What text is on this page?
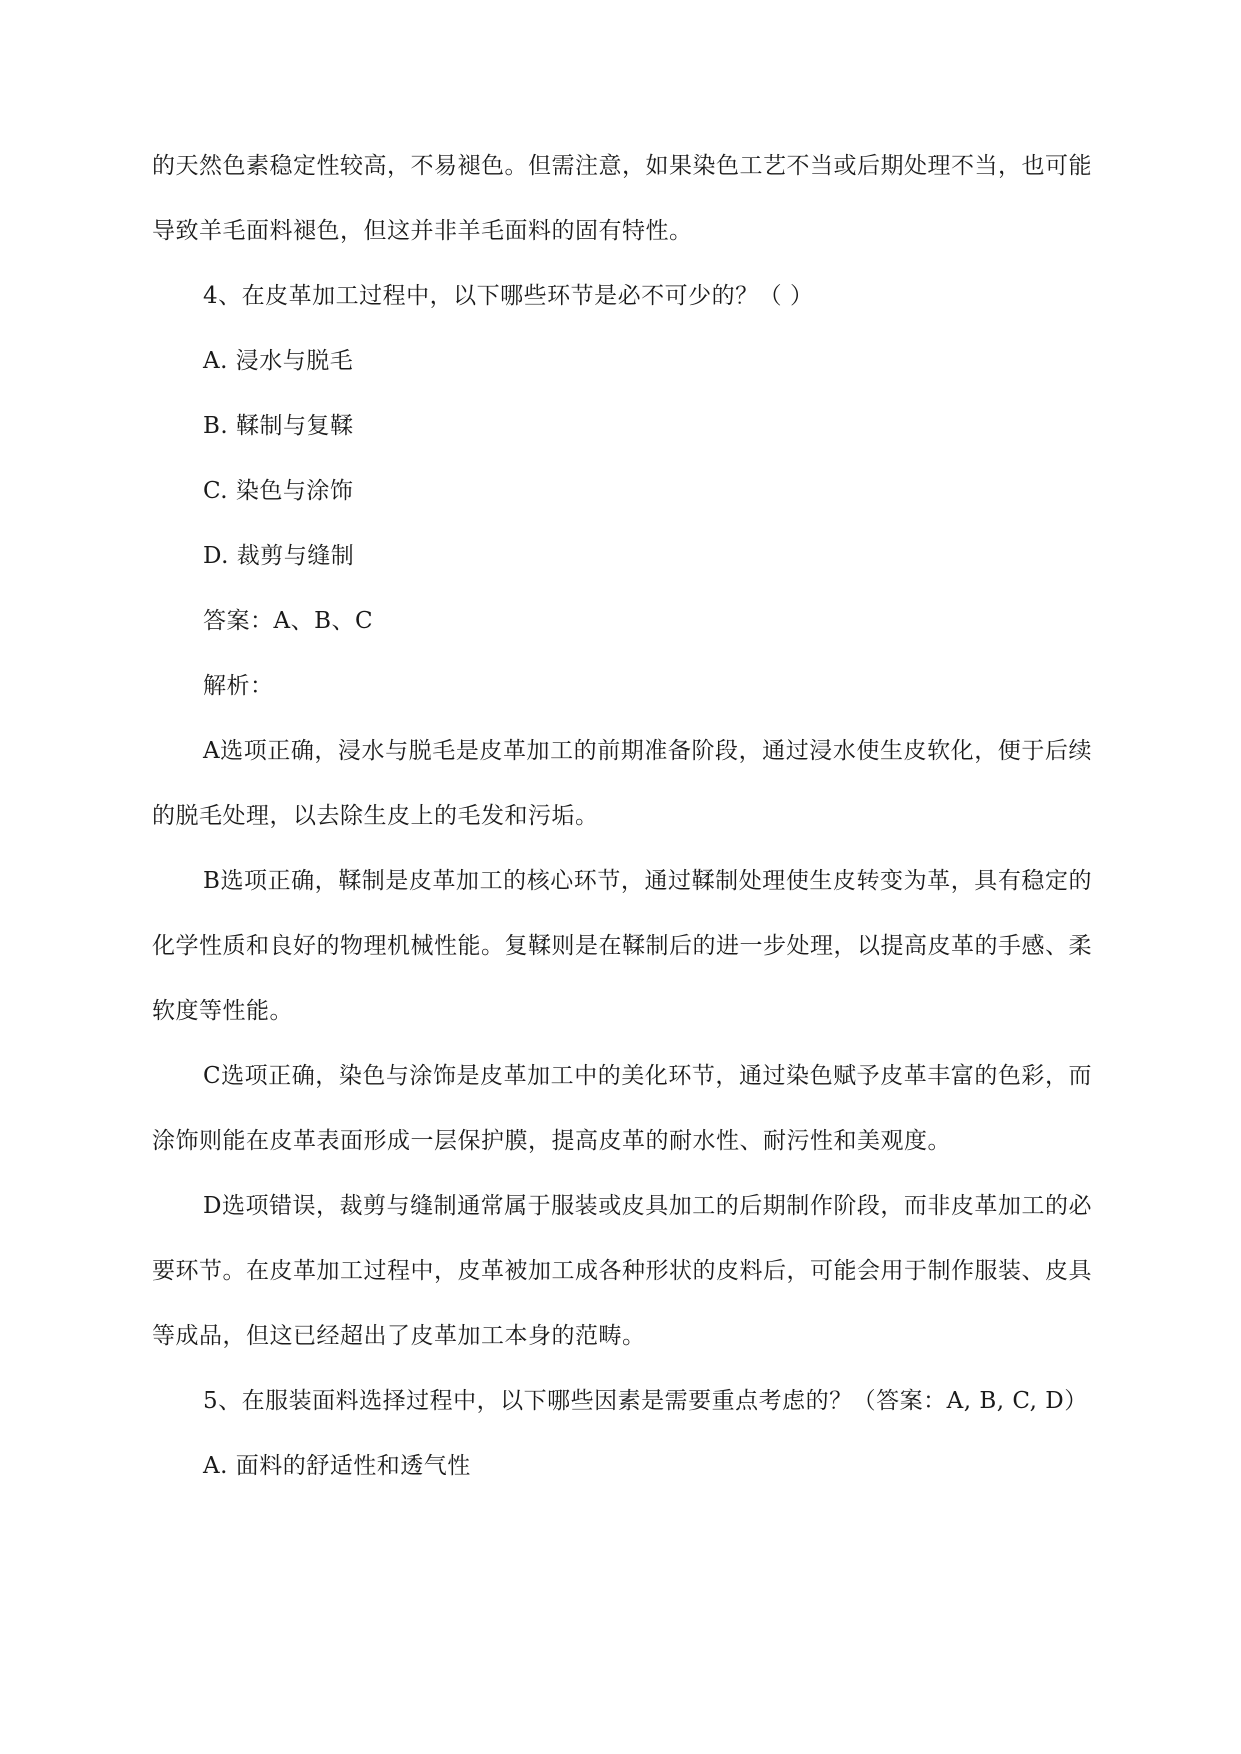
的天然色素稳定性较高，不易褪色。但需注意，如果染色工艺不当或后期处理不当，也可能导致羊毛面料褪色，但这并非羊毛面料的固有特性。

4、在皮革加工过程中，以下哪些环节是必不可少的？（ ）

A. 浸水与脱毛

B. 鞣制与复鞣

C. 染色与涂饰

D. 裁剪与缝制

答案：A、B、C

解析：

A选项正确，浸水与脱毛是皮革加工的前期准备阶段，通过浸水使生皮软化，便于后续的脱毛处理，以去除生皮上的毛发和污垢。

B选项正确，鞣制是皮革加工的核心环节，通过鞣制处理使生皮转变为革，具有稳定的化学性质和良好的物理机械性能。复鞣则是在鞣制后的进一步处理，以提高皮革的手感、柔软度等性能。

C选项正确，染色与涂饰是皮革加工中的美化环节，通过染色赋予皮革丰富的色彩，而涂饰则能在皮革表面形成一层保护膜，提高皮革的耐水性、耐污性和美观度。

D选项错误，裁剪与缝制通常属于服装或皮具加工的后期制作阶段，而非皮革加工的必要环节。在皮革加工过程中，皮革被加工成各种形状的皮料后，可能会用于制作服装、皮具等成品，但这已经超出了皮革加工本身的范畴。

5、在服装面料选择过程中，以下哪些因素是需要重点考虑的？（答案：A, B, C, D）

A. 面料的舒适性和透气性
